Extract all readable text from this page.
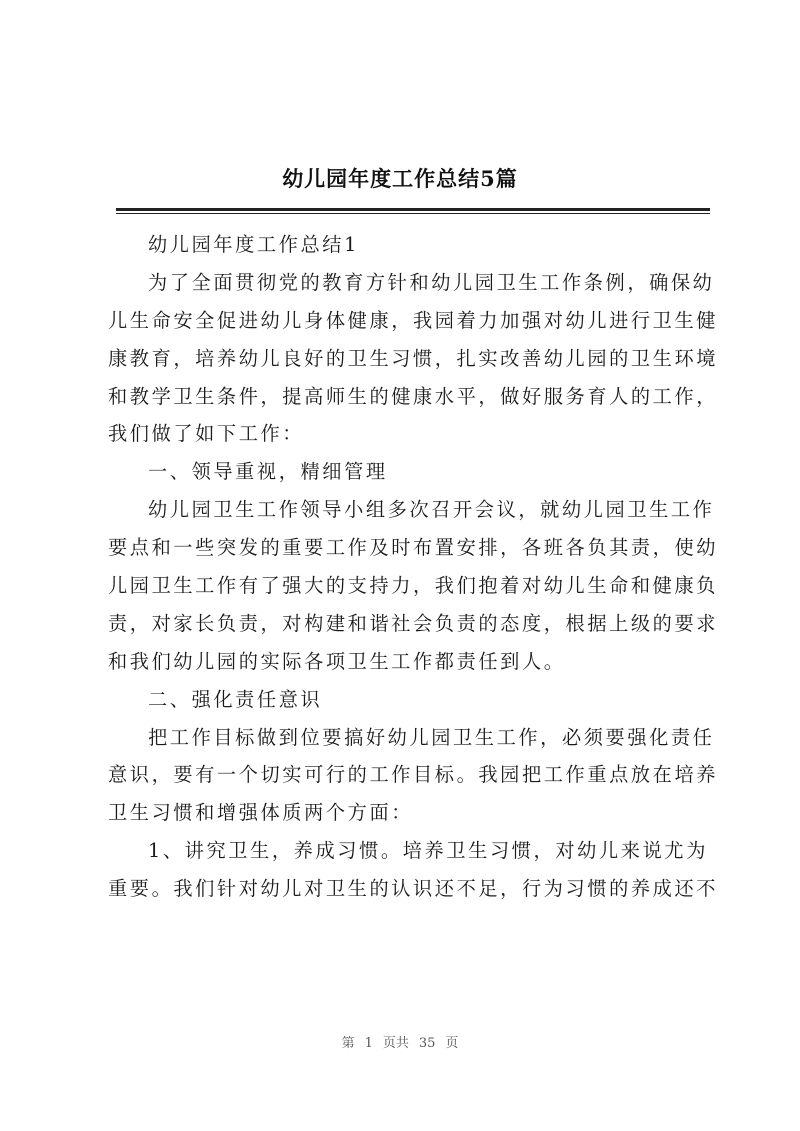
幼儿园年度工作总结5篇
幼儿园年度工作总结1
为了全面贯彻党的教育方针和幼儿园卫生工作条例，确保幼
儿生命安全促进幼儿身体健康，我园着力加强对幼儿进行卫生健
康教育，培养幼儿良好的卫生习惯，扎实改善幼儿园的卫生环境
和教学卫生条件，提高师生的健康水平，做好服务育人的工作，
我们做了如下工作：
一、领导重视，精细管理
幼儿园卫生工作领导小组多次召开会议，就幼儿园卫生工作
要点和一些突发的重要工作及时布置安排，各班各负其责，使幼
儿园卫生工作有了强大的支持力，我们抱着对幼儿生命和健康负
责，对家长负责，对构建和谐社会负责的态度，根据上级的要求
和我们幼儿园的实际各项卫生工作都责任到人。
二、强化责任意识
把工作目标做到位要搞好幼儿园卫生工作，必须要强化责任
意识，要有一个切实可行的工作目标。我园把工作重点放在培养
卫生习惯和增强体质两个方面：
1、讲究卫生，养成习惯。培养卫生习惯，对幼儿来说尤为
重要。我们针对幼儿对卫生的认识还不足，行为习惯的养成还不
第 1 页共 35 页
